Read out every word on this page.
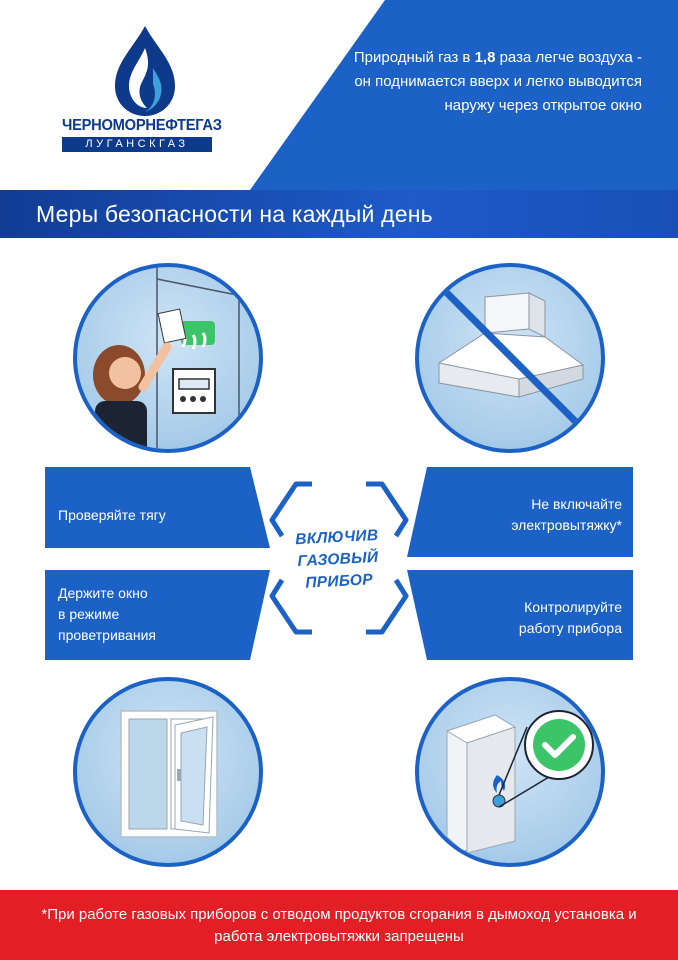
ЧЕРНОМОРНЕФТЕГАЗ
ЛУГАНСКГАЗ
Природный газ в 1,8 раза легче воздуха - он поднимается вверх и легко выводится наружу через открытое окно
Меры безопасности на каждый день
Проверяйте тягу
Держите окно
в режиме
проветривания
Не включайте
электровытяжку*
Контролируйте
работу прибора
ВКЛЮЧИВ
ГАЗОВЫЙ
ПРИБОР
*При работе газовых приборов с отводом продуктов сгорания в дымоход установка и работа электровытяжки запрещены
